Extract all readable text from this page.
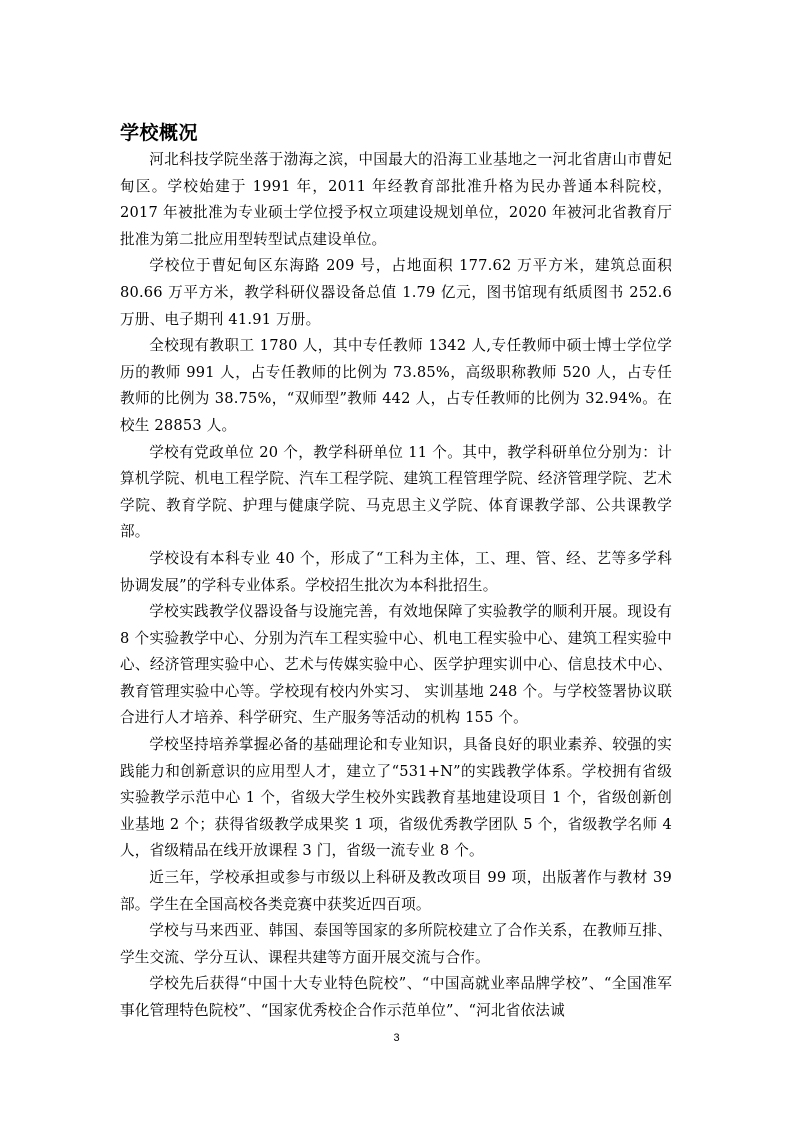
学校概况

河北科技学院坐落于渤海之滨，中国最大的沿海工业基地之一河北省唐山市曹妃甸区。学校始建于 1991 年，2011 年经教育部批准升格为民办普通本科院校，2017 年被批准为专业硕士学位授予权立项建设规划单位，2020 年被河北省教育厅批准为第二批应用型转型试点建设单位。

学校位于曹妃甸区东海路 209 号，占地面积 177.62 万平方米，建筑总面积 80.66 万平方米，教学科研仪器设备总值 1.79 亿元，图书馆现有纸质图书 252.6 万册、电子期刊 41.91 万册。

全校现有教职工 1780 人，其中专任教师 1342 人,专任教师中硕士博士学位学历的教师 991 人，占专任教师的比例为 73.85%，高级职称教师 520 人，占专任教师的比例为 38.75%，“双师型”教师 442 人，占专任教师的比例为 32.94%。在校生 28853 人。

学校有党政单位 20 个，教学科研单位 11 个。其中，教学科研单位分别为：计算机学院、机电工程学院、汽车工程学院、建筑工程管理学院、经济管理学院、艺术学院、教育学院、护理与健康学院、马克思主义学院、体育课教学部、公共课教学部。

学校设有本科专业 40 个，形成了“工科为主体，工、理、管、经、艺等多学科协调发展”的学科专业体系。学校招生批次为本科批招生。

学校实践教学仪器设备与设施完善，有效地保障了实验教学的顺利开展。现设有 8 个实验教学中心、分别为汽车工程实验中心、机电工程实验中心、建筑工程实验中心、经济管理实验中心、艺术与传媒实验中心、医学护理实训中心、信息技术中心、教育管理实验中心等。学校现有校内外实习、 实训基地 248 个。与学校签署协议联合进行人才培养、科学研究、生产服务等活动的机构 155 个。

学校坚持培养掌握必备的基础理论和专业知识，具备良好的职业素养、较强的实践能力和创新意识的应用型人才，建立了“531+N”的实践教学体系。学校拥有省级实验教学示范中心 1 个，省级大学生校外实践教育基地建设项目 1 个，省级创新创业基地 2 个；获得省级教学成果奖 1 项，省级优秀教学团队 5 个，省级教学名师 4 人，省级精品在线开放课程 3 门，省级一流专业 8 个。

近三年，学校承担或参与市级以上科研及教改项目 99 项，出版著作与教材 39 部。学生在全国高校各类竞赛中获奖近四百项。

学校与马来西亚、韩国、泰国等国家的多所院校建立了合作关系，在教师互排、学生交流、学分互认、课程共建等方面开展交流与合作。

学校先后获得“中国十大专业特色院校”、“中国高就业率品牌学校”、“全国准军事化管理特色院校”、“国家优秀校企合作示范单位”、“河北省依法诚

3
